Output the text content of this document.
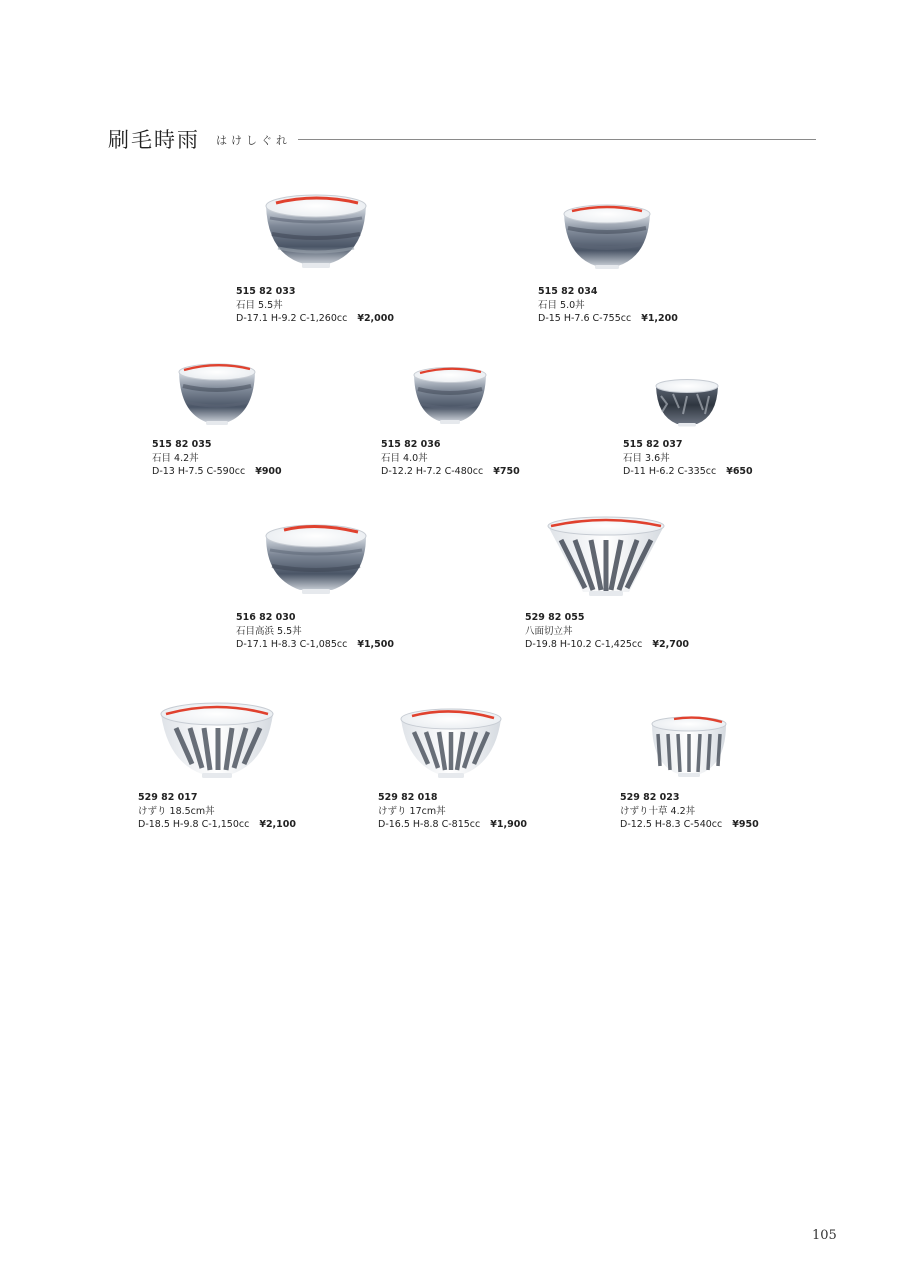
刷毛時雨 はけしぐれ
515 82 033
石目 5.5丼
D-17.1 H-9.2 C-1,260cc ¥2,000
515 82 034
石目 5.0丼
D-15 H-7.6 C-755cc ¥1,200
515 82 035
石目 4.2丼
D-13 H-7.5 C-590cc ¥900
515 82 036
石目 4.0丼
D-12.2 H-7.2 C-480cc ¥750
515 82 037
石目 3.6丼
D-11 H-6.2 C-335cc ¥650
516 82 030
石目高浜 5.5丼
D-17.1 H-8.3 C-1,085cc ¥1,500
529 82 055
八面切立丼
D-19.8 H-10.2 C-1,425cc ¥2,700
529 82 017
けずり 18.5cm丼
D-18.5 H-9.8 C-1,150cc ¥2,100
529 82 018
けずり 17cm丼
D-16.5 H-8.8 C-815cc ¥1,900
529 82 023
けずり十草 4.2丼
D-12.5 H-8.3 C-540cc ¥950
105
